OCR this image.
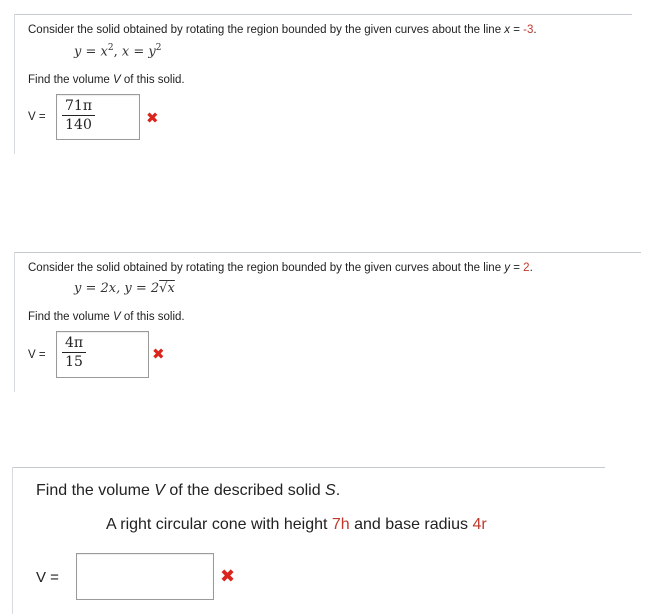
Consider the solid obtained by rotating the region bounded by the given curves about the line x = -3.
$y = x^2$, $x = y^2$
Find the volume V of this solid.
V =
71π
140	✖
Consider the solid obtained by rotating the region bounded by the given curves about the line y = 2.
y = 2x, y = 2√x
Find the volume V of this solid.
V =
4π
15	✖
Find the volume V of the described solid S.
A right circular cone with height 7h and base radius 4r
V =	✖
